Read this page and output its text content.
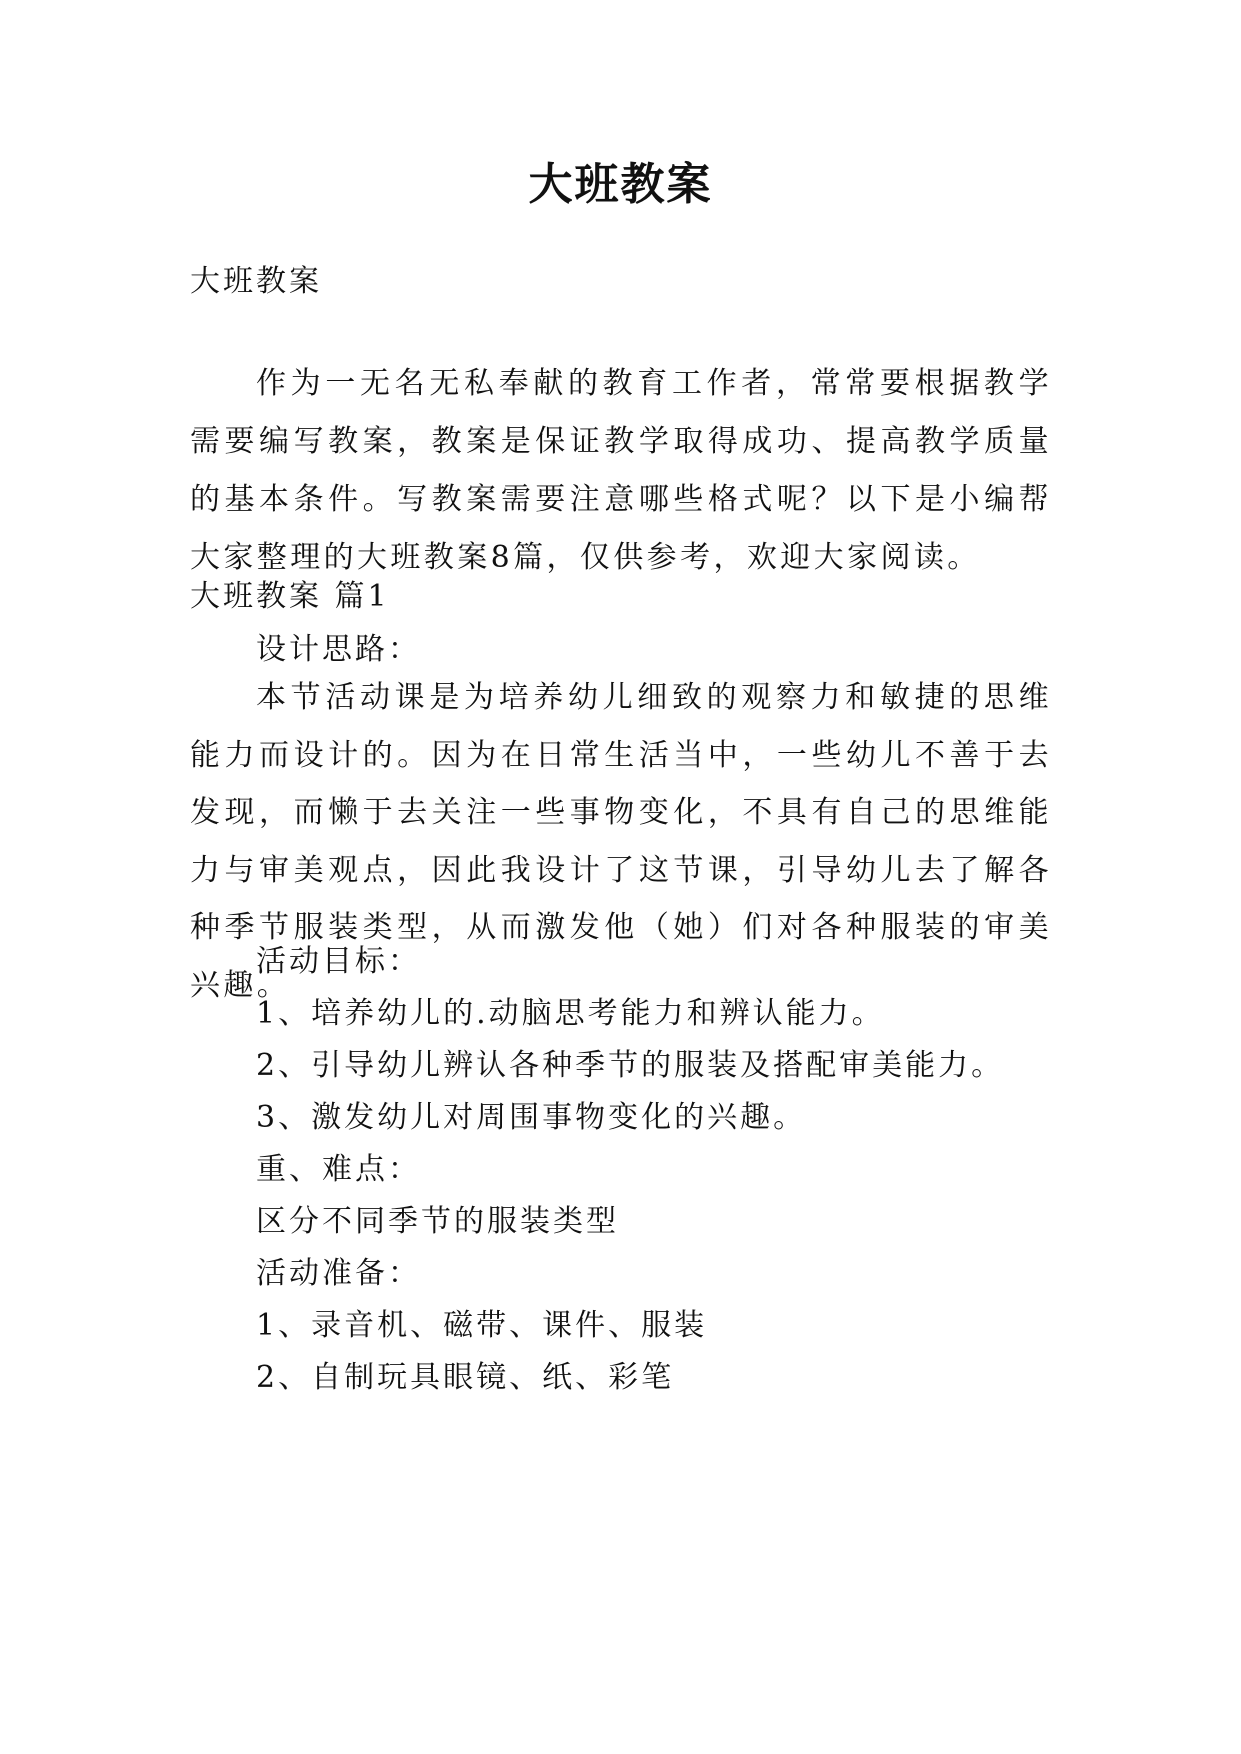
大班教案
大班教案
作为一无名无私奉献的教育工作者，常常要根据教学需要编写教案，教案是保证教学取得成功、提高教学质量的基本条件。写教案需要注意哪些格式呢？以下是小编帮大家整理的大班教案8篇，仅供参考，欢迎大家阅读。
大班教案 篇1
设计思路：
本节活动课是为培养幼儿细致的观察力和敏捷的思维能力而设计的。因为在日常生活当中，一些幼儿不善于去发现，而懒于去关注一些事物变化，不具有自己的思维能力与审美观点，因此我设计了这节课，引导幼儿去了解各种季节服装类型，从而激发他（她）们对各种服装的审美兴趣。
活动目标：
1、培养幼儿的.动脑思考能力和辨认能力。
2、引导幼儿辨认各种季节的服装及搭配审美能力。
3、激发幼儿对周围事物变化的兴趣。
重、难点：
区分不同季节的服装类型
活动准备：
1、录音机、磁带、课件、服装
2、自制玩具眼镜、纸、彩笔
